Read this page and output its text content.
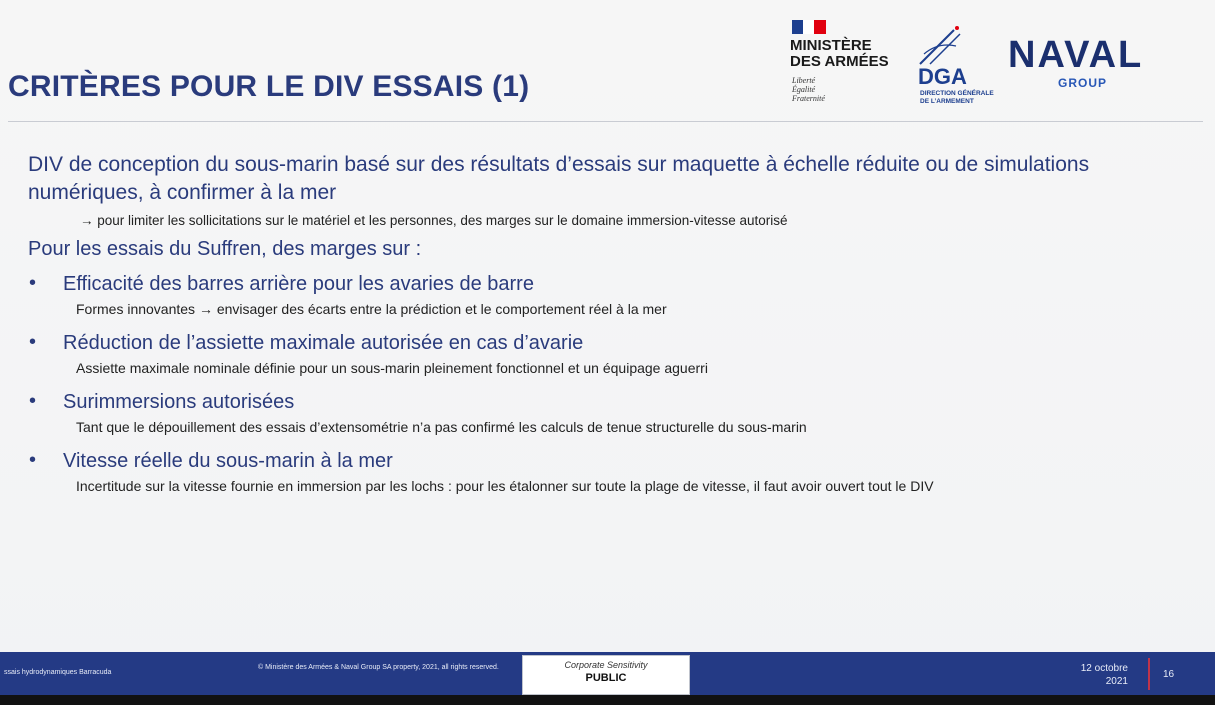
MINISTÈRE
DES ARMÉES
Liberté
Égalité
Fraternité
DGA
DIRECTION GÉNÉRALE
DE L’ARMEMENT
NAVAL
GROUP
CRITÈRES POUR LE DIV ESSAIS (1)

DIV de conception du sous-marin basé sur des résultats d’essais sur maquette à échelle réduite ou de simulations numériques, à confirmer à la mer

→ pour limiter les sollicitations sur le matériel et les personnes, des marges sur le domaine immersion-vitesse autorisé
Pour les essais du Suffren, des marges sur :
• Efficacité des barres arrière pour les avaries de barre
Formes innovantes → envisager des écarts entre la prédiction et le comportement réel à la mer
• Réduction de l’assiette maximale autorisée en cas d’avarie
Assiette maximale nominale définie pour un sous-marin pleinement fonctionnel et un équipage aguerri
• Surimmersions autorisées
Tant que le dépouillement des essais d’extensométrie n’a pas confirmé les calculs de tenue structurelle du sous-marin
• Vitesse réelle du sous-marin à la mer
Incertitude sur la vitesse fournie en immersion par les lochs : pour les étalonner sur toute la plage de vitesse, il faut avoir ouvert tout le DIV
ssais hydrodynamiques Barracuda
© Ministère des Armées & Naval Group SA property, 2021, all rights reserved.	12 octobre
2021
16
Corporate Sensitivity
PUBLIC
